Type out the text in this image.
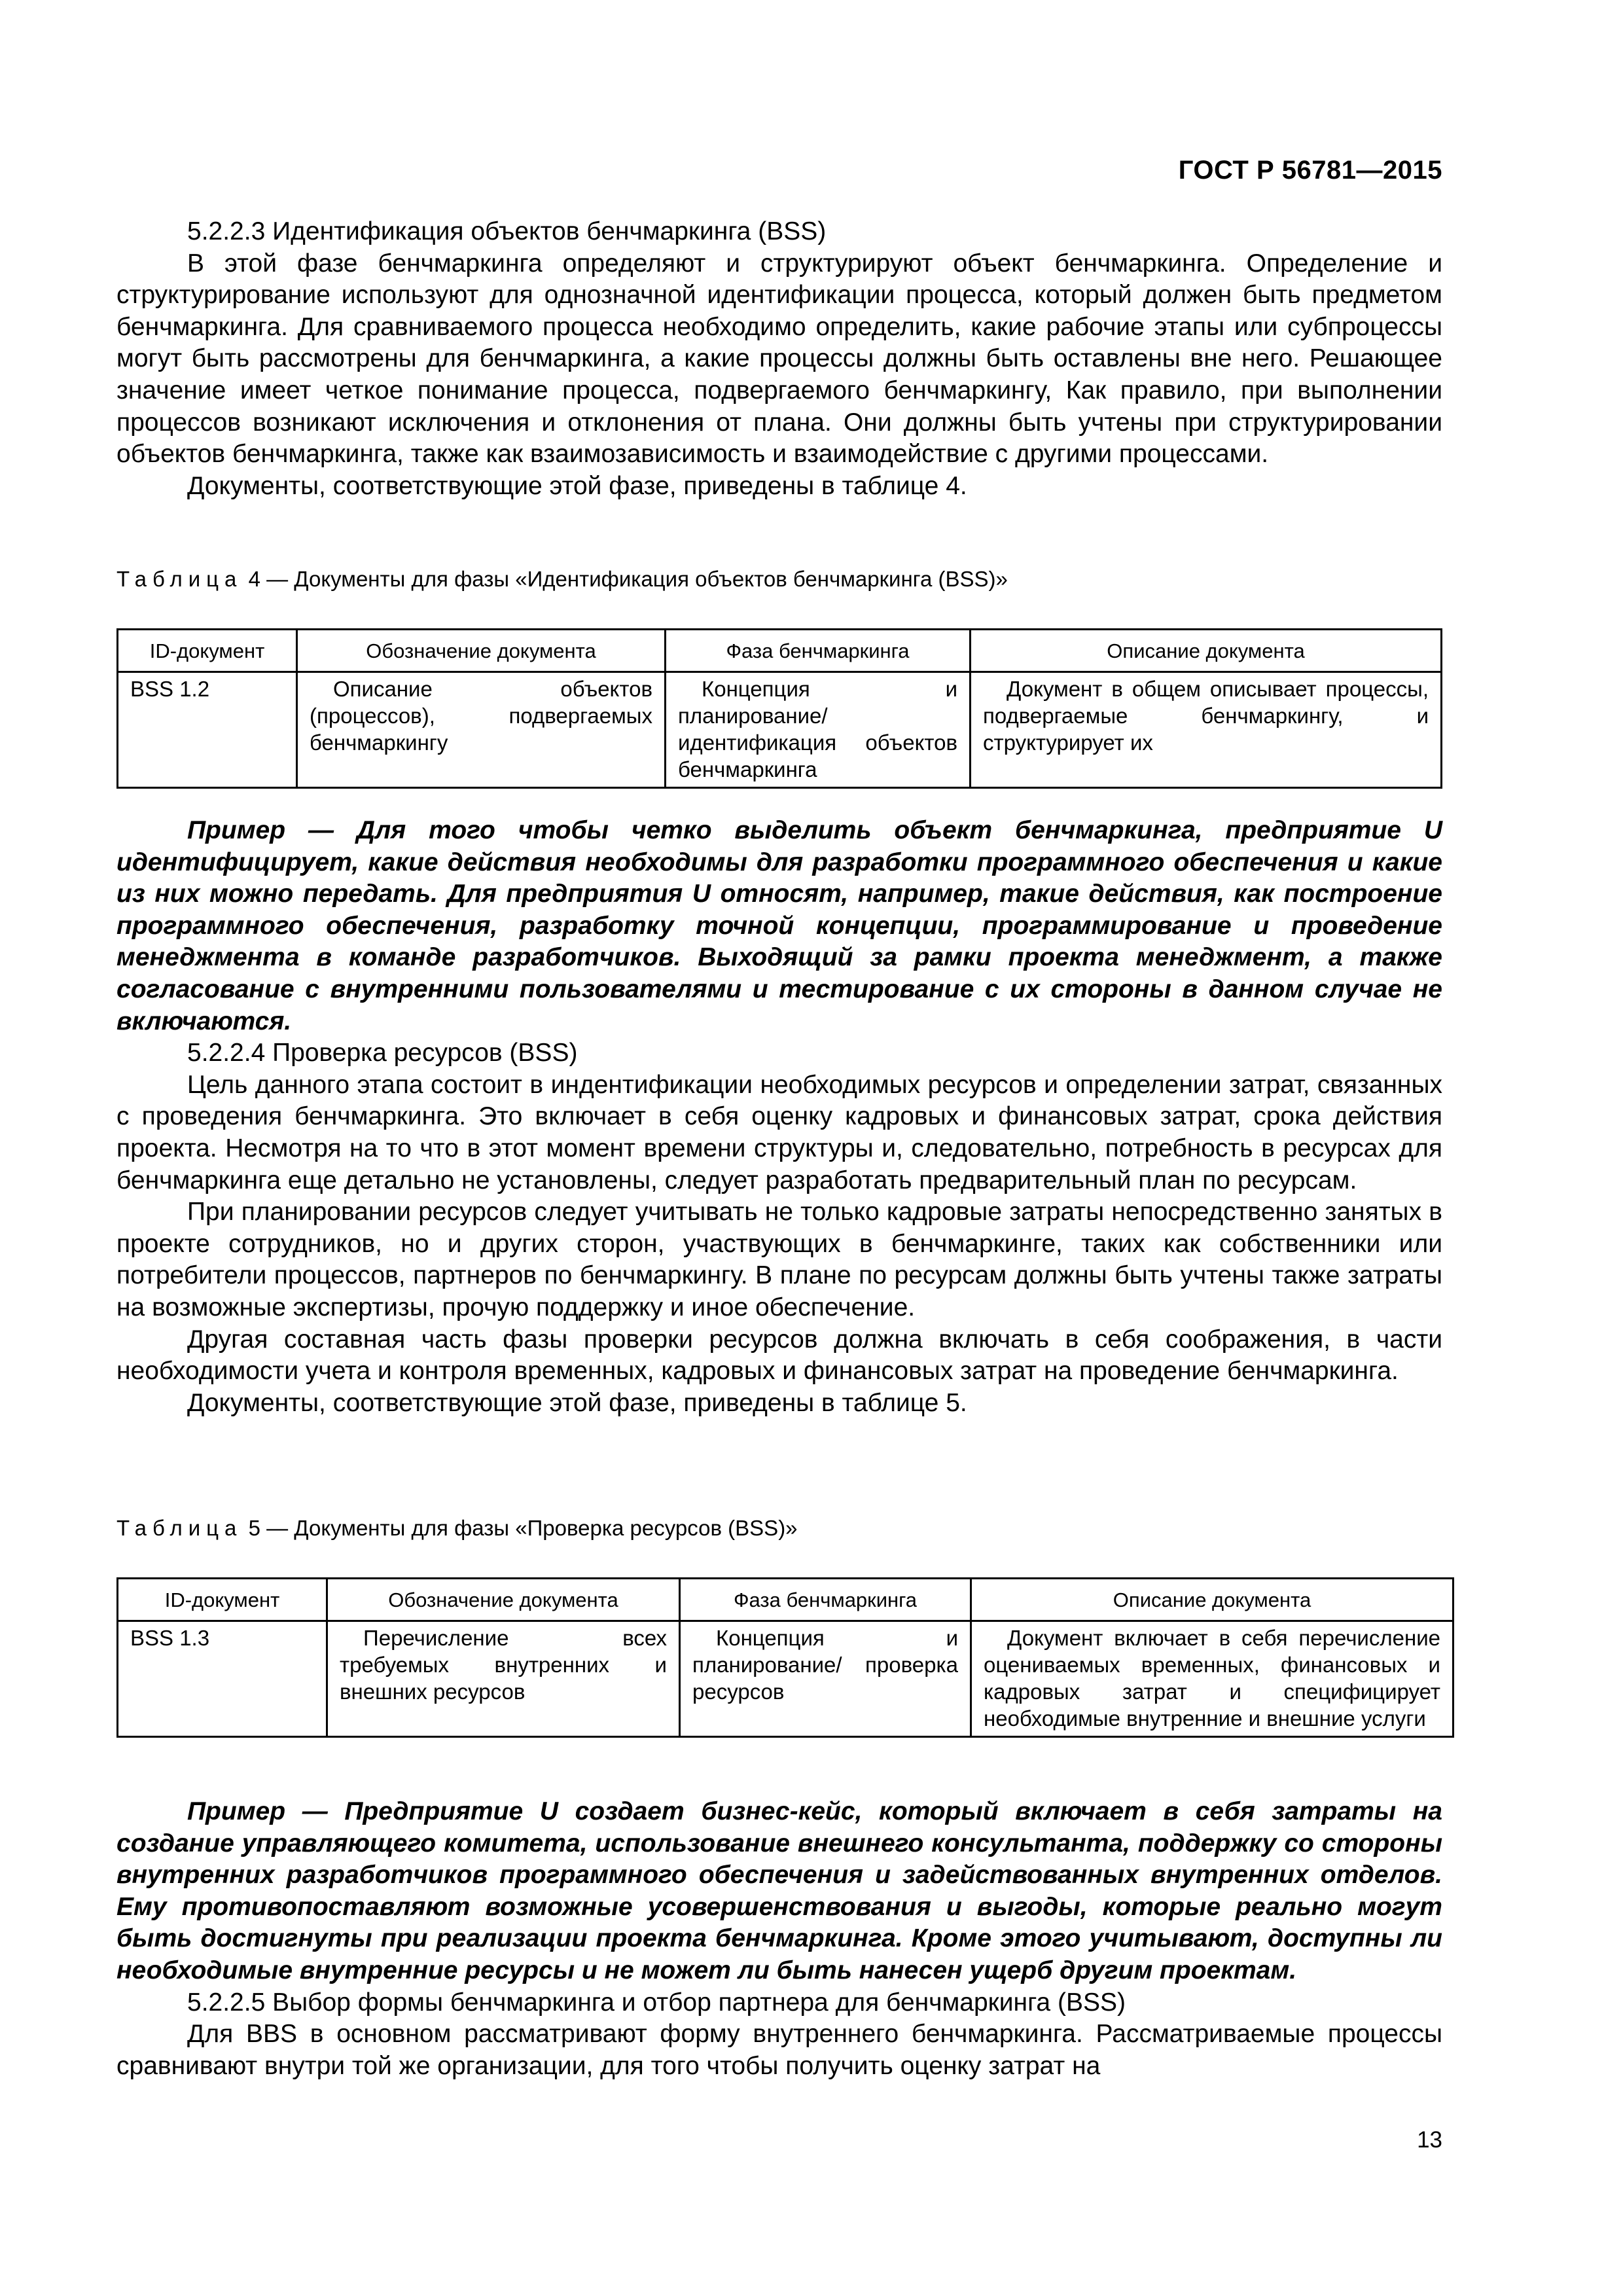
ГОСТ Р 56781—2015

5.2.2.3 Идентификация объектов бенчмаркинга (BSS)

В этой фазе бенчмаркинга определяют и структурируют объект бенчмаркинга. Определение и структурирование используют для однозначной идентификации процесса, который должен быть предметом бенчмаркинга. Для сравниваемого процесса необходимо определить, какие рабочие этапы или субпроцессы могут быть рассмотрены для бенчмаркинга, а какие процессы должны быть оставлены вне него. Решающее значение имеет четкое понимание процесса, подвергаемого бенчмаркингу, Как правило, при выполнении процессов возникают исключения и отклонения от плана. Они должны быть учтены при структурировании объектов бенчмаркинга, также как взаимозависимость и взаимодействие с другими процессами.

Документы, соответствующие этой фазе, приведены в таблице 4.

Таблица 4 — Документы для фазы «Идентификация объектов бенчмаркинга (BSS)»

ID-документ	Обозначение документа	Фаза бенчмаркинга	Описание документа
BSS 1.2	Описание объектов (процессов), подвергаемых бенчмаркингу	Концепция и планирование/ идентификация объектов бенчмаркинга	Документ в общем описывает процессы, подвергаемые бенчмаркингу, и структурирует их

Пример — Для того чтобы четко выделить объект бенчмаркинга, предприятие U идентифицирует, какие действия необходимы для разработки программного обеспечения и какие из них можно передать. Для предприятия U относят, например, такие действия, как построение программного обеспечения, разработку точной концепции, программирование и проведение менеджмента в команде разработчиков. Выходящий за рамки проекта менеджмент, а также согласование с внутренними пользователями и тестирование с их стороны в данном случае не включаются.

5.2.2.4 Проверка ресурсов (BSS)

Цель данного этапа состоит в индентификации необходимых ресурсов и определении затрат, связанных с проведения бенчмаркинга. Это включает в себя оценку кадровых и финансовых затрат, срока действия проекта. Несмотря на то что в этот момент времени структуры и, следовательно, потребность в ресурсах для бенчмаркинга еще детально не установлены, следует разработать предварительный план по ресурсам.

При планировании ресурсов следует учитывать не только кадровые затраты непосредственно занятых в проекте сотрудников, но и других сторон, участвующих в бенчмаркинге, таких как собственники или потребители процессов, партнеров по бенчмаркингу. В плане по ресурсам должны быть учтены также затраты на возможные экспертизы, прочую поддержку и иное обеспечение.

Другая составная часть фазы проверки ресурсов должна включать в себя соображения, в части необходимости учета и контроля временных, кадровых и финансовых затрат на проведение бенчмаркинга.

Документы, соответствующие этой фазе, приведены в таблице 5.

Таблица 5 — Документы для фазы «Проверка ресурсов (BSS)»

ID-документ	Обозначение документа	Фаза бенчмаркинга	Описание документа
BSS 1.3	Перечисление всех требуемых внутренних и внешних ресурсов	Концепция и планирование/ проверка ресурсов	Документ включает в себя перечисление оцениваемых временных, финансовых и кадровых затрат и специфицирует необходимые внутренние и внешние услуги

Пример — Предприятие U создает бизнес-кейс, который включает в себя затраты на создание управляющего комитета, использование внешнего консультанта, поддержку со стороны внутренних разработчиков программного обеспечения и задействованных внутренних отделов. Ему противопоставляют возможные усовершенствования и выгоды, которые реально могут быть достигнуты при реализации проекта бенчмаркинга. Кроме этого учитывают, доступны ли необходимые внутренние ресурсы и не может ли быть нанесен ущерб другим проектам.

5.2.2.5 Выбор формы бенчмаркинга и отбор партнера для бенчмаркинга (BSS)

Для BBS в основном рассматривают форму внутреннего бенчмаркинга. Рассматриваемые процессы сравнивают внутри той же организации, для того чтобы получить оценку затрат на

13
